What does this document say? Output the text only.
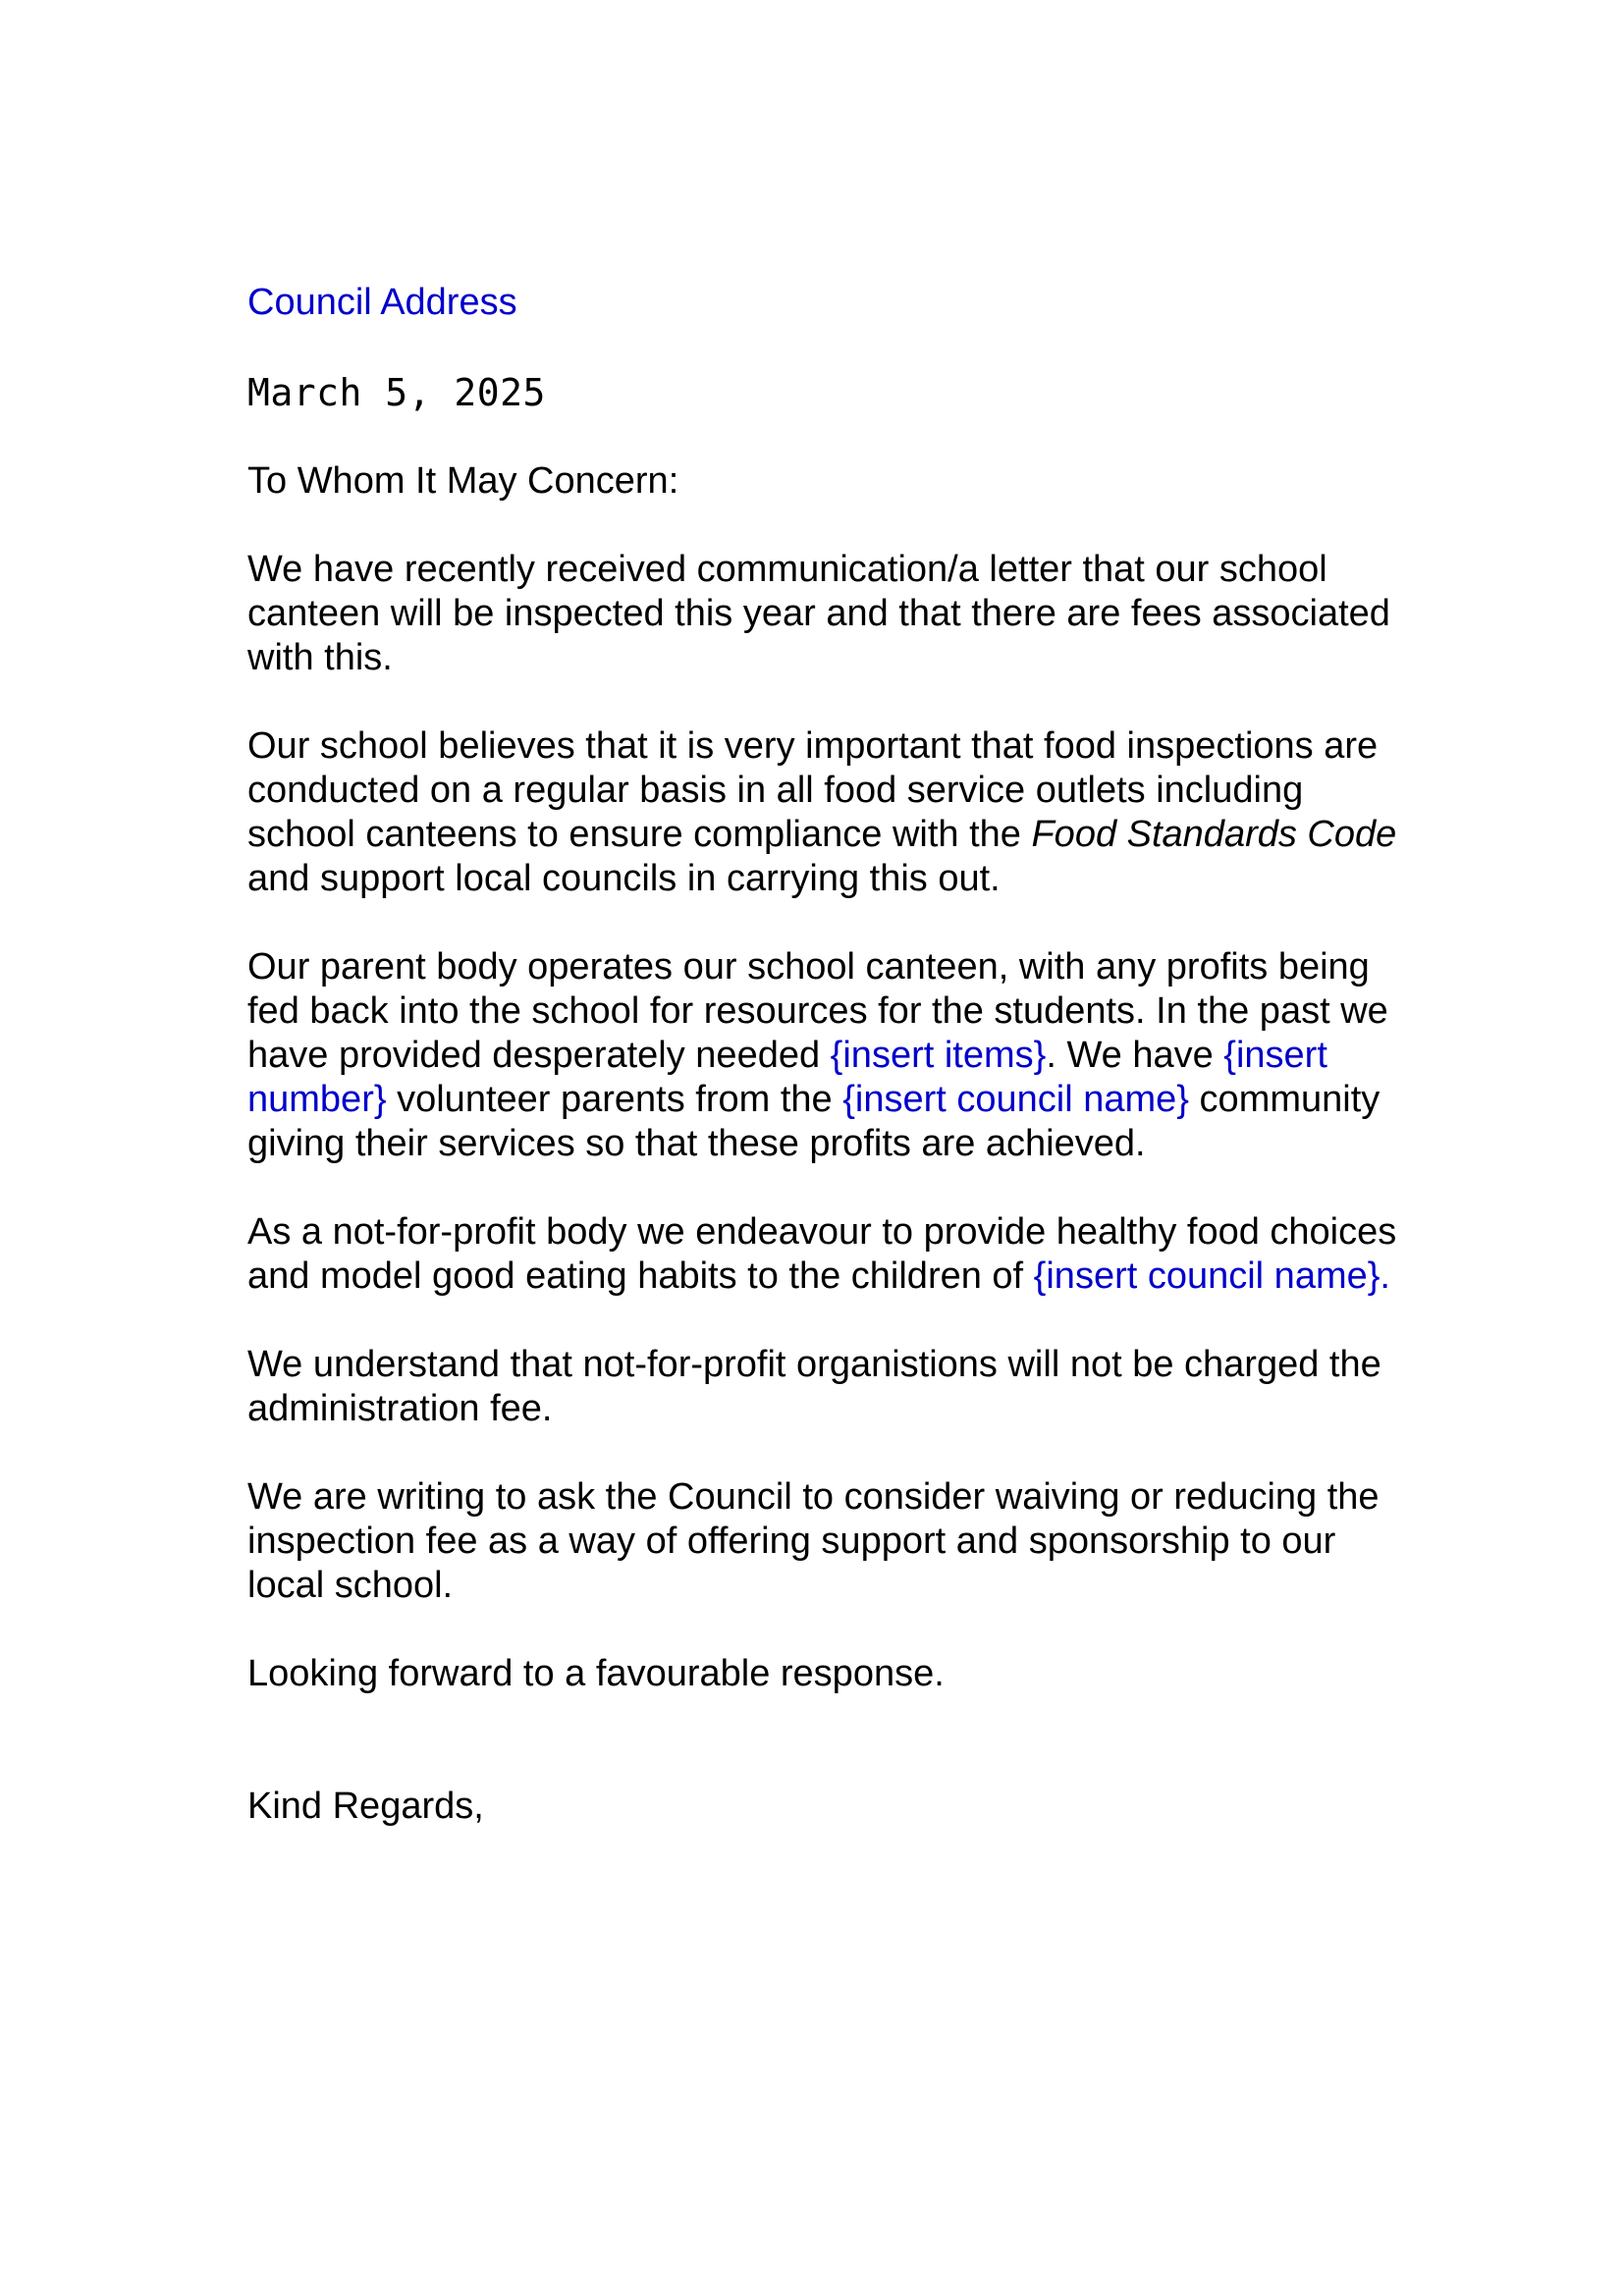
Council Address
March 5, 2025
To Whom It May Concern:

We have recently received communication/a letter that our school canteen will be inspected this year and that there are fees associated with this.

Our school believes that it is very important that food inspections are conducted on a regular basis in all food service outlets including school canteens to ensure compliance with the Food Standards Code and support local councils in carrying this out.

Our parent body operates our school canteen, with any profits being fed back into the school for resources for the students. In the past we have provided desperately needed {insert items}. We have {insert number} volunteer parents from the {insert council name} community giving their services so that these profits are achieved.

As a not-for-profit body we endeavour to provide healthy food choices and model good eating habits to the children of {insert council name}.

We understand that not-for-profit organistions will not be charged the administration fee.

We are writing to ask the Council to consider waiving or reducing the inspection fee as a way of offering support and sponsorship to our local school.

Looking forward to a favourable response.

Kind Regards,
